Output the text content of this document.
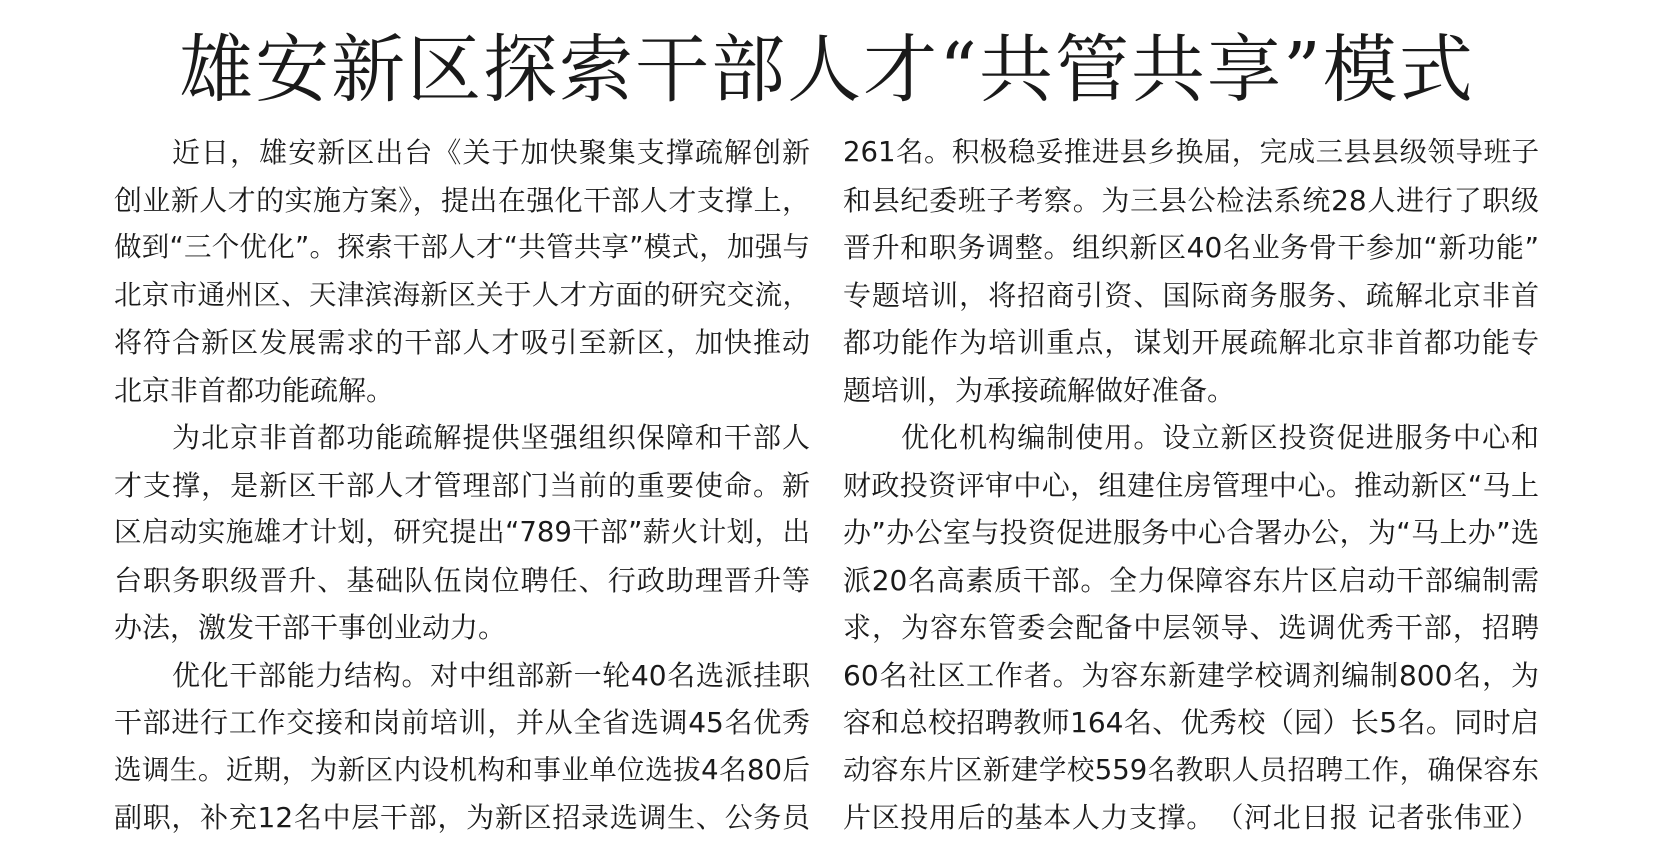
雄安新区探索干部人才“共管共享”模式
近日，雄安新区出台《关于加快聚集支撑疏解创新
创业新人才的实施方案》，提出在强化干部人才支撑上，
做到“三个优化”。探索干部人才“共管共享”模式，加强与
北京市通州区、天津滨海新区关于人才方面的研究交流，
将符合新区发展需求的干部人才吸引至新区，加快推动
北京非首都功能疏解。
为北京非首都功能疏解提供坚强组织保障和干部人
才支撑，是新区干部人才管理部门当前的重要使命。新
区启动实施雄才计划，研究提出“789干部”薪火计划，出
台职务职级晋升、基础队伍岗位聘任、行政助理晋升等
办法，激发干部干事创业动力。
优化干部能力结构。对中组部新一轮40名选派挂职
干部进行工作交接和岗前培训，并从全省选调45名优秀
选调生。近期，为新区内设机构和事业单位选拔4名80后
副职，补充12名中层干部，为新区招录选调生、公务员
261名。积极稳妥推进县乡换届，完成三县县级领导班子
和县纪委班子考察。为三县公检法系统28人进行了职级
晋升和职务调整。组织新区40名业务骨干参加“新功能”
专题培训，将招商引资、国际商务服务、疏解北京非首
都功能作为培训重点，谋划开展疏解北京非首都功能专
题培训，为承接疏解做好准备。
优化机构编制使用。设立新区投资促进服务中心和
财政投资评审中心，组建住房管理中心。推动新区“马上
办”办公室与投资促进服务中心合署办公，为“马上办”选
派20名高素质干部。全力保障容东片区启动干部编制需
求，为容东管委会配备中层领导、选调优秀干部，招聘
60名社区工作者。为容东新建学校调剂编制800名，为
容和总校招聘教师164名、优秀校（园）长5名。同时启
动容东片区新建学校559名教职人员招聘工作，确保容东
片区投用后的基本人力支撑。　（河北日报 记者张伟亚）
